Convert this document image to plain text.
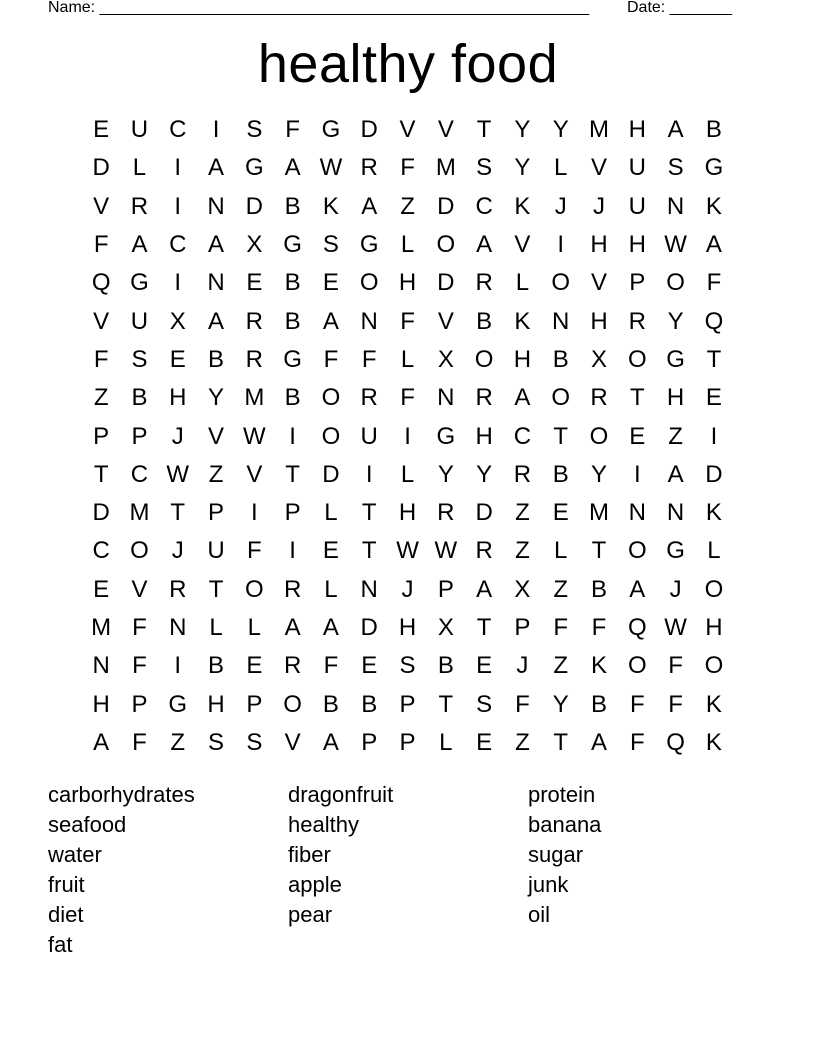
Name: _______________________________________________________ Date: _______
healthy food
E U C	I	S F G D V V T Y Y M H A B
D L	I	A G A W R F M S Y L V U S G
V R	I	N D B K A Z D C K	J	J U N K
F A C A X G S G L O A V	I	H H W A
Q G	I	N E B E O H D R L O V P O F
V U X A R B A N F V B K N H R Y Q
F S E B R G F F	L X O H B X O G T
Z B H Y M B O R F N R A O R T H E
P P	J	V W I	O U	I	G H C T O E Z	I
T C W Z V T D	I	L Y Y R B Y	I	A D
D M T P	I	P L	T H R D Z E M N N K
C O J U F	I	E T W W R Z	L	T O G L
E V R T O R L N J	P A X Z B A	J O
M F N L	L A A D H X T P F F Q W H
N F	I	B E R F E S B E	J	Z K O F O
H P G H P O B B P T S F Y B F F K
A F Z S S V A P P L E Z T A F Q K
carborhydrates
seafood
water
fruit
diet
fat
dragonfruit
healthy
fiber
apple
pear
protein
banana
sugar
junk
oil
